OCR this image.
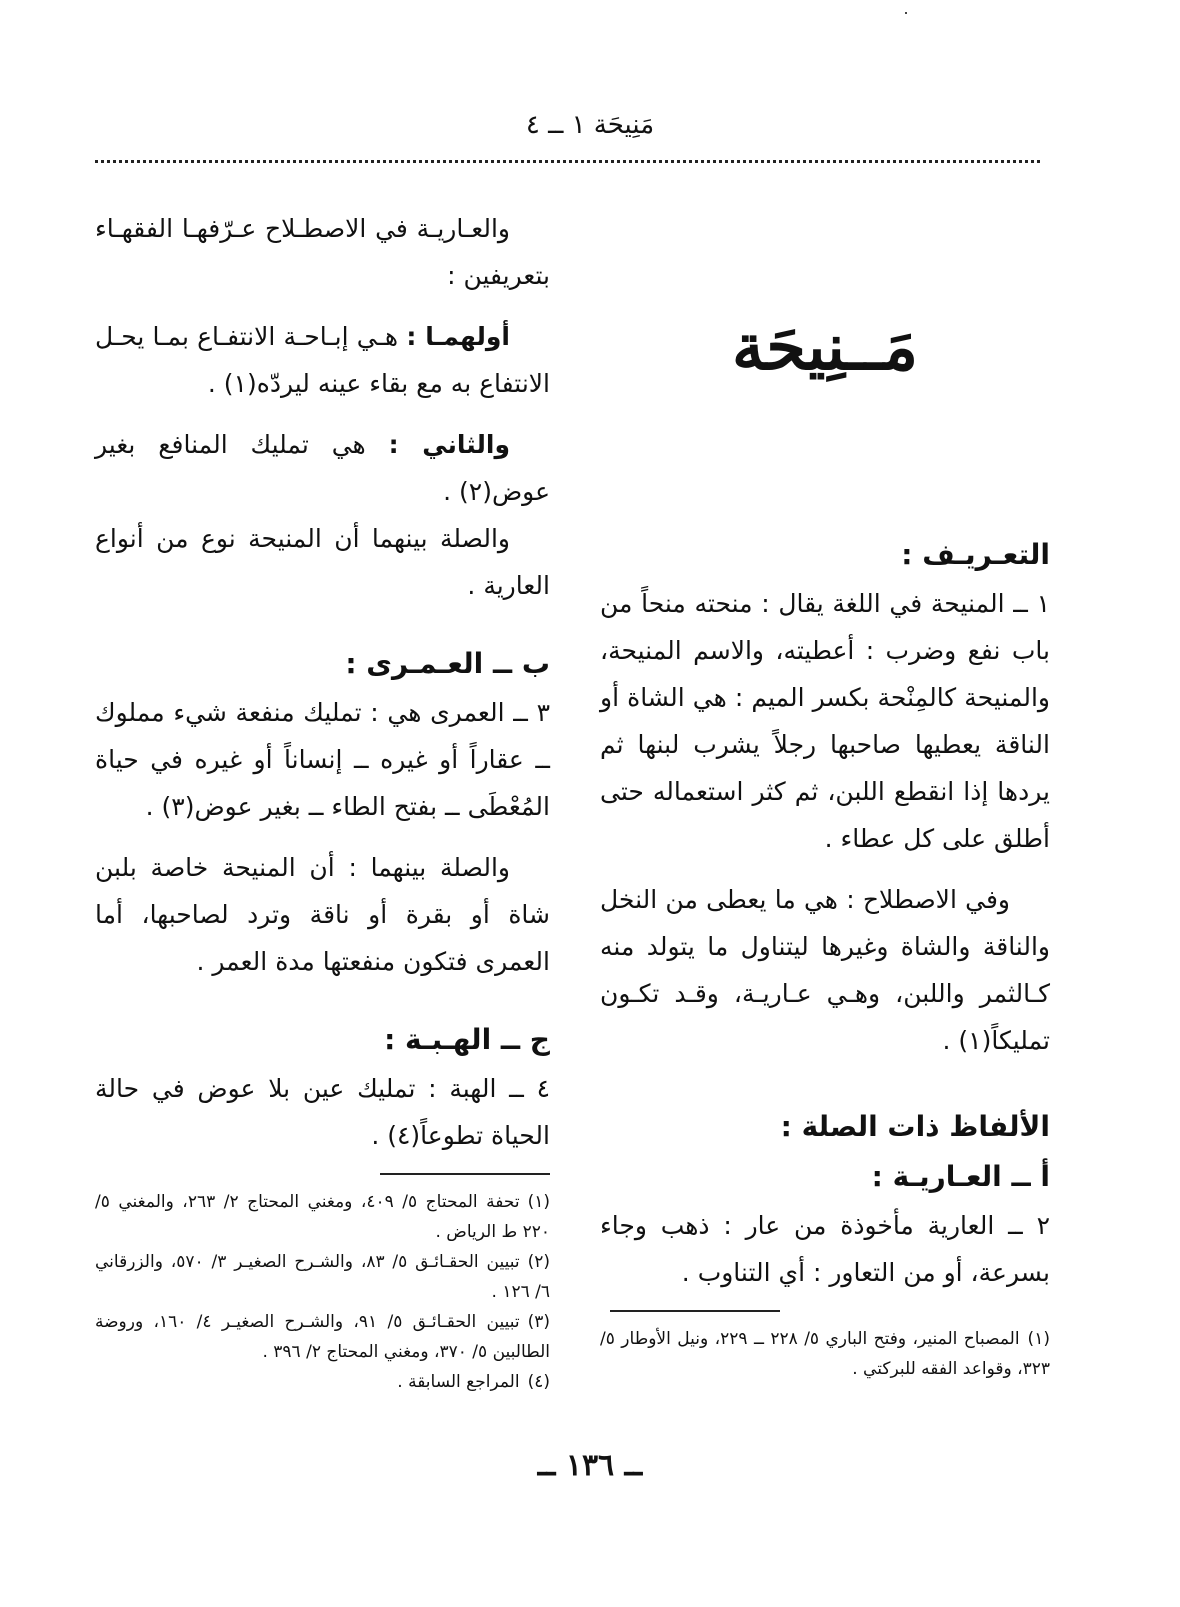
مَنِيحَة ١ ــ ٤
مَــنِيحَة
التعـريـف :

١ ــ المنيحة في اللغة يقال : منحته منحاً من باب نفع وضرب : أعطيته، والاسم المنيحة، والمنيحة كالمِنْحة بكسر الميم : هي الشاة أو الناقة يعطيها صاحبها رجلاً يشرب لبنها ثم يردها إذا انقطع اللبن، ثم كثر استعماله حتى أطلق على كل عطاء .

وفي الاصطلاح : هي ما يعطى من النخل والناقة والشاة وغيرها ليتناول ما يتولد منه كـالثمر واللبن، وهـي عـاريـة، وقـد تكـون تمليكاً(١) .

الألفاظ ذات الصلة :
أ ــ العـاريـة :

٢ ــ العارية مأخوذة من عار : ذهب وجاء بسرعة، أو من التعاور : أي التناوب .

(١)المصباح المنير، وفتح الباري ٥/ ٢٢٨ ــ ٢٢٩، ونيل الأوطار ٥/ ٣٢٣، وقواعد الفقه للبركتي .

والعـاريـة في الاصطـلاح عـرّفهـا الفقهـاء بتعريفين :

أولهمـا : هـي إبـاحـة الانتفـاع بمـا يحـل الانتفاع به مع بقاء عينه ليردّه(١) .

والثاني : هي تمليك المنافع بغير عوض(٢) .

والصلة بينهما أن المنيحة نوع من أنواع العارية .

ب ــ العـمـرى :

٣ ــ العمرى هي : تمليك منفعة شيء مملوك ــ عقاراً أو غيره ــ إنساناً أو غيره في حياة المُعْطَى ــ بفتح الطاء ــ بغير عوض(٣) .

والصلة بينهما : أن المنيحة خاصة بلبن شاة أو بقرة أو ناقة وترد لصاحبها، أما العمرى فتكون منفعتها مدة العمر .

ج ــ الهـبـة :

٤ ــ الهبة : تمليك عين بلا عوض في حالة الحياة تطوعاً(٤) .

(١)تحفة المحتاج ٥/ ٤٠٩، ومغني المحتاج ٢/ ٢٦٣، والمغني ٥/ ٢٢٠ ط الرياض .

(٢)تبيين الحقـائـق ٥/ ٨٣، والشـرح الصغيـر ٣/ ٥٧٠، والزرقاني ٦/ ١٢٦ .

(٣)تبيين الحقـائـق ٥/ ٩١، والشـرح الصغيـر ٤/ ١٦٠، وروضة الطالبين ٥/ ٣٧٠، ومغني المحتاج ٢/ ٣٩٦ .

(٤)المراجع السابقة .

ــ ١٣٦ ــ
